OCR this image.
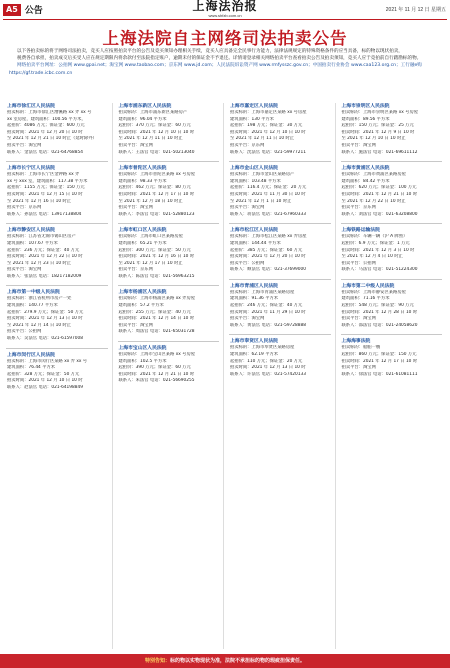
A5 公告	上海法治报
www.shfzb.com.cn
2021 年 11 月 12 日 星期五
上海法院自主网络司法拍卖公告

以下各拍卖标的将于网络司法拍卖，竞买人应按照拍卖平台的公告及竞买须知办理相关手续，竞买人应具备完全民事行为能力，法律法规规定的特殊资格条件的应当具备，标的物以现状拍卖，

税费各自承担，拍卖成交后买受人应在规定期限内将余款付至法院指定账户，逾期未付的保证金不予退还。详情请登录相关网络拍卖平台查看拍卖公告及拍卖须知，竞买人应于竞拍前自行踏勘标的物。

网络拍卖平台网址：公拍网 www.gpai.net；淘宝网 www.taobao.com；京东网 www.jd.com；人民法院诉讼资产网 www.rmfysszc.gov.cn；中国拍卖行业协会 www.caa123.org.cn；工行融e购 https://gf.trade.icbc.com.cn

上海市徐汇区人民法院
拍卖标的：上海市徐汇区漕溪路 xx 弄 xx 号
xx 室房屋，建筑面积：100.56 平方米，
起拍价：4086 万元；保证金：600 万元
拍卖时间：2021 年 12 月 20 日 10 时
至 2021 年 12 月 21 日 10 时止（延时除外）
拍卖平台：淘宝网
联系人：金法官 电话：021-64768854
上海市长宁区人民法院
拍卖标的：上海市长宁区金钟路 xx 弄
xx 号 xxx 室，建筑面积：117.38 平方米
起拍价：1155 万元；保证金：150 万元
拍卖时间：2021 年 12 月 15 日 10 时
至 2021 年 12 月 16 日 10 时止
拍卖平台：京东网
联系人：孙法官 电话：13917138804
上海市静安区人民法院
拍卖标的：江苏省无锡市锡山区房产
建筑面积：107.67 平方米
起拍价：236 万元；保证金：40 万元
拍卖时间：2021 年 12 月 22 日 10 时
至 2021 年 12 月 23 日 10 时止
拍卖平台：淘宝网
联系人：张法官 电话：18217182009
上海市第一中级人民法院
拍卖标的：浙江省杭州市房产一处
建筑面积：140.77 平方米
起拍价：279.9 万元；保证金：50 万元
拍卖时间：2021 年 12 月 13 日 10 时
至 2021 年 12 月 14 日 10 时止
拍卖平台：公拍网
联系人：吴法官 电话：021-61597008
上海市闵行区人民法院
拍卖标的：上海市闵行区某路 xx 弄 xx 号
建筑面积：76.44 平方米
起拍价：328 万元；保证金：50 万元
拍卖时间：2021 年 12 月 10 日 10 时
联系人：赵法官 电话：021-64198849
上海市浦东新区人民法院
拍卖标的：上海市浦东新区某路房产
建筑面积：96.04 平方米
起拍价：370 万元；保证金：60 万元
拍卖时间：2021 年 12 月 10 日 10 时
至 2021 年 12 月 11 日 10 时止
拍卖平台：淘宝网
联系人：王法官 电话：021-50213040
上海市普陀区人民法院
拍卖标的：上海市普陀区某路 xx 号房屋
建筑面积：98.33 平方米
起拍价：462 万元；保证金：80 万元
拍卖时间：2021 年 12 月 17 日 10 时
至 2021 年 12 月 18 日 10 时止
拍卖平台：淘宝网
联系人：李法官 电话：021-52880123
上海市虹口区人民法院
拍卖标的：上海市虹口区某路房屋
建筑面积：65.21 平方米
起拍价：300 万元；保证金：50 万元
拍卖时间：2021 年 12 月 16 日 10 时
至 2021 年 12 月 17 日 10 时止
拍卖平台：京东网
联系人：陈法官 电话：021-56963215
上海市杨浦区人民法院
拍卖标的：上海市杨浦区某路 xx 弄房屋
建筑面积：57.2 平方米
起拍价：255 万元；保证金：40 万元
拍卖时间：2021 年 12 月 14 日 10 时
拍卖平台：淘宝网
联系人：周法官 电话：021-65031728
上海市宝山区人民法院
拍卖标的：上海市宝山区某路 xx 号房屋
建筑面积：102.5 平方米
起拍价：390 万元；保证金：60 万元
拍卖时间：2021 年 12 月 21 日 10 时
联系人：朱法官 电话：021-56690255
上海市嘉定区人民法院
拍卖标的：上海市嘉定区某路 xx 号房屋
建筑面积：130 平方米
起拍价：198 万元；保证金：30 万元
拍卖时间：2021 年 12 月 10 日 10 时
至 2021 年 12 月 11 日 10 时止
拍卖平台：京东网
联系人：沈法官 电话：021-59977211
上海市金山区人民法院
拍卖标的：上海市金山区某路房产
建筑面积：103.48 平方米
起拍价：116.4 万元；保证金：20 万元
拍卖时间：2021 年 11 月 30 日 10 时
至 2021 年 12 月 1 日 10 时止
拍卖平台：淘宝网
联系人：蒋法官 电话：021-67960333
上海市松江区人民法院
拍卖标的：上海市松江区某路 xx 弄房屋
建筑面积：144.44 平方米
起拍价：385 万元；保证金：60 万元
拍卖时间：2021 年 12 月 20 日 10 时
拍卖平台：公拍网
联系人：顾法官 电话：021-37699000
上海市青浦区人民法院
拍卖标的：上海市青浦区某路房屋
建筑面积：91.36 平方米
起拍价：246 万元；保证金：40 万元
拍卖时间：2021 年 11 月 29 日 10 时
拍卖平台：淘宝网
联系人：黄法官 电话：021-59728888
上海市奉贤区人民法院
拍卖标的：上海市奉贤区某路房屋
建筑面积：62.19 平方米
起拍价：110 万元；保证金：20 万元
拍卖时间：2021 年 12 月 13 日 10 时
联系人：许法官 电话：021-57420133
上海市崇明区人民法院
拍卖标的：上海市崇明区某路 xx 号房屋
建筑面积：89.56 平方米
起拍价：150 万元；保证金：25 万元
拍卖时间：2021 年 12 月 9 日 10 时
至 2021 年 12 月 10 日 10 时止
拍卖平台：淘宝网
联系人：施法官 电话：021-69611112
上海市黄浦区人民法院
拍卖标的：上海市黄浦区某路房屋
建筑面积：84.42 平方米
起拍价：620 万元；保证金：100 万元
拍卖时间：2021 年 12 月 21 日 10 时
至 2021 年 12 月 22 日 10 时止
拍卖平台：京东网
联系人：刘法官 电话：021-63208800
上海铁路运输法院
拍卖标的：车辆一辆（沪 A 牌照）
起拍价：6.9 万元；保证金：1 万元
拍卖时间：2021 年 12 月 3 日 10 时
至 2021 年 12 月 4 日 10 时止
拍卖平台：公拍网
联系人：马法官 电话：021-51224300
上海市第二中级人民法院
拍卖标的：上海市静安区某路房屋
建筑面积：71.16 平方米
起拍价：548 万元；保证金：90 万元
拍卖时间：2021 年 12 月 28 日 10 时
拍卖平台：淘宝网
联系人：邵法官 电话：021-24058620
上海海事法院
拍卖标的：船舶一艘
起拍价：860 万元；保证金：150 万元
拍卖时间：2021 年 12 月 17 日 10 时
拍卖平台：淘宝网
联系人：徐法官 电话：021-61081111
特别告知：标的物以实物现状为准，法院不承担标的物的瑕疵担保责任。
